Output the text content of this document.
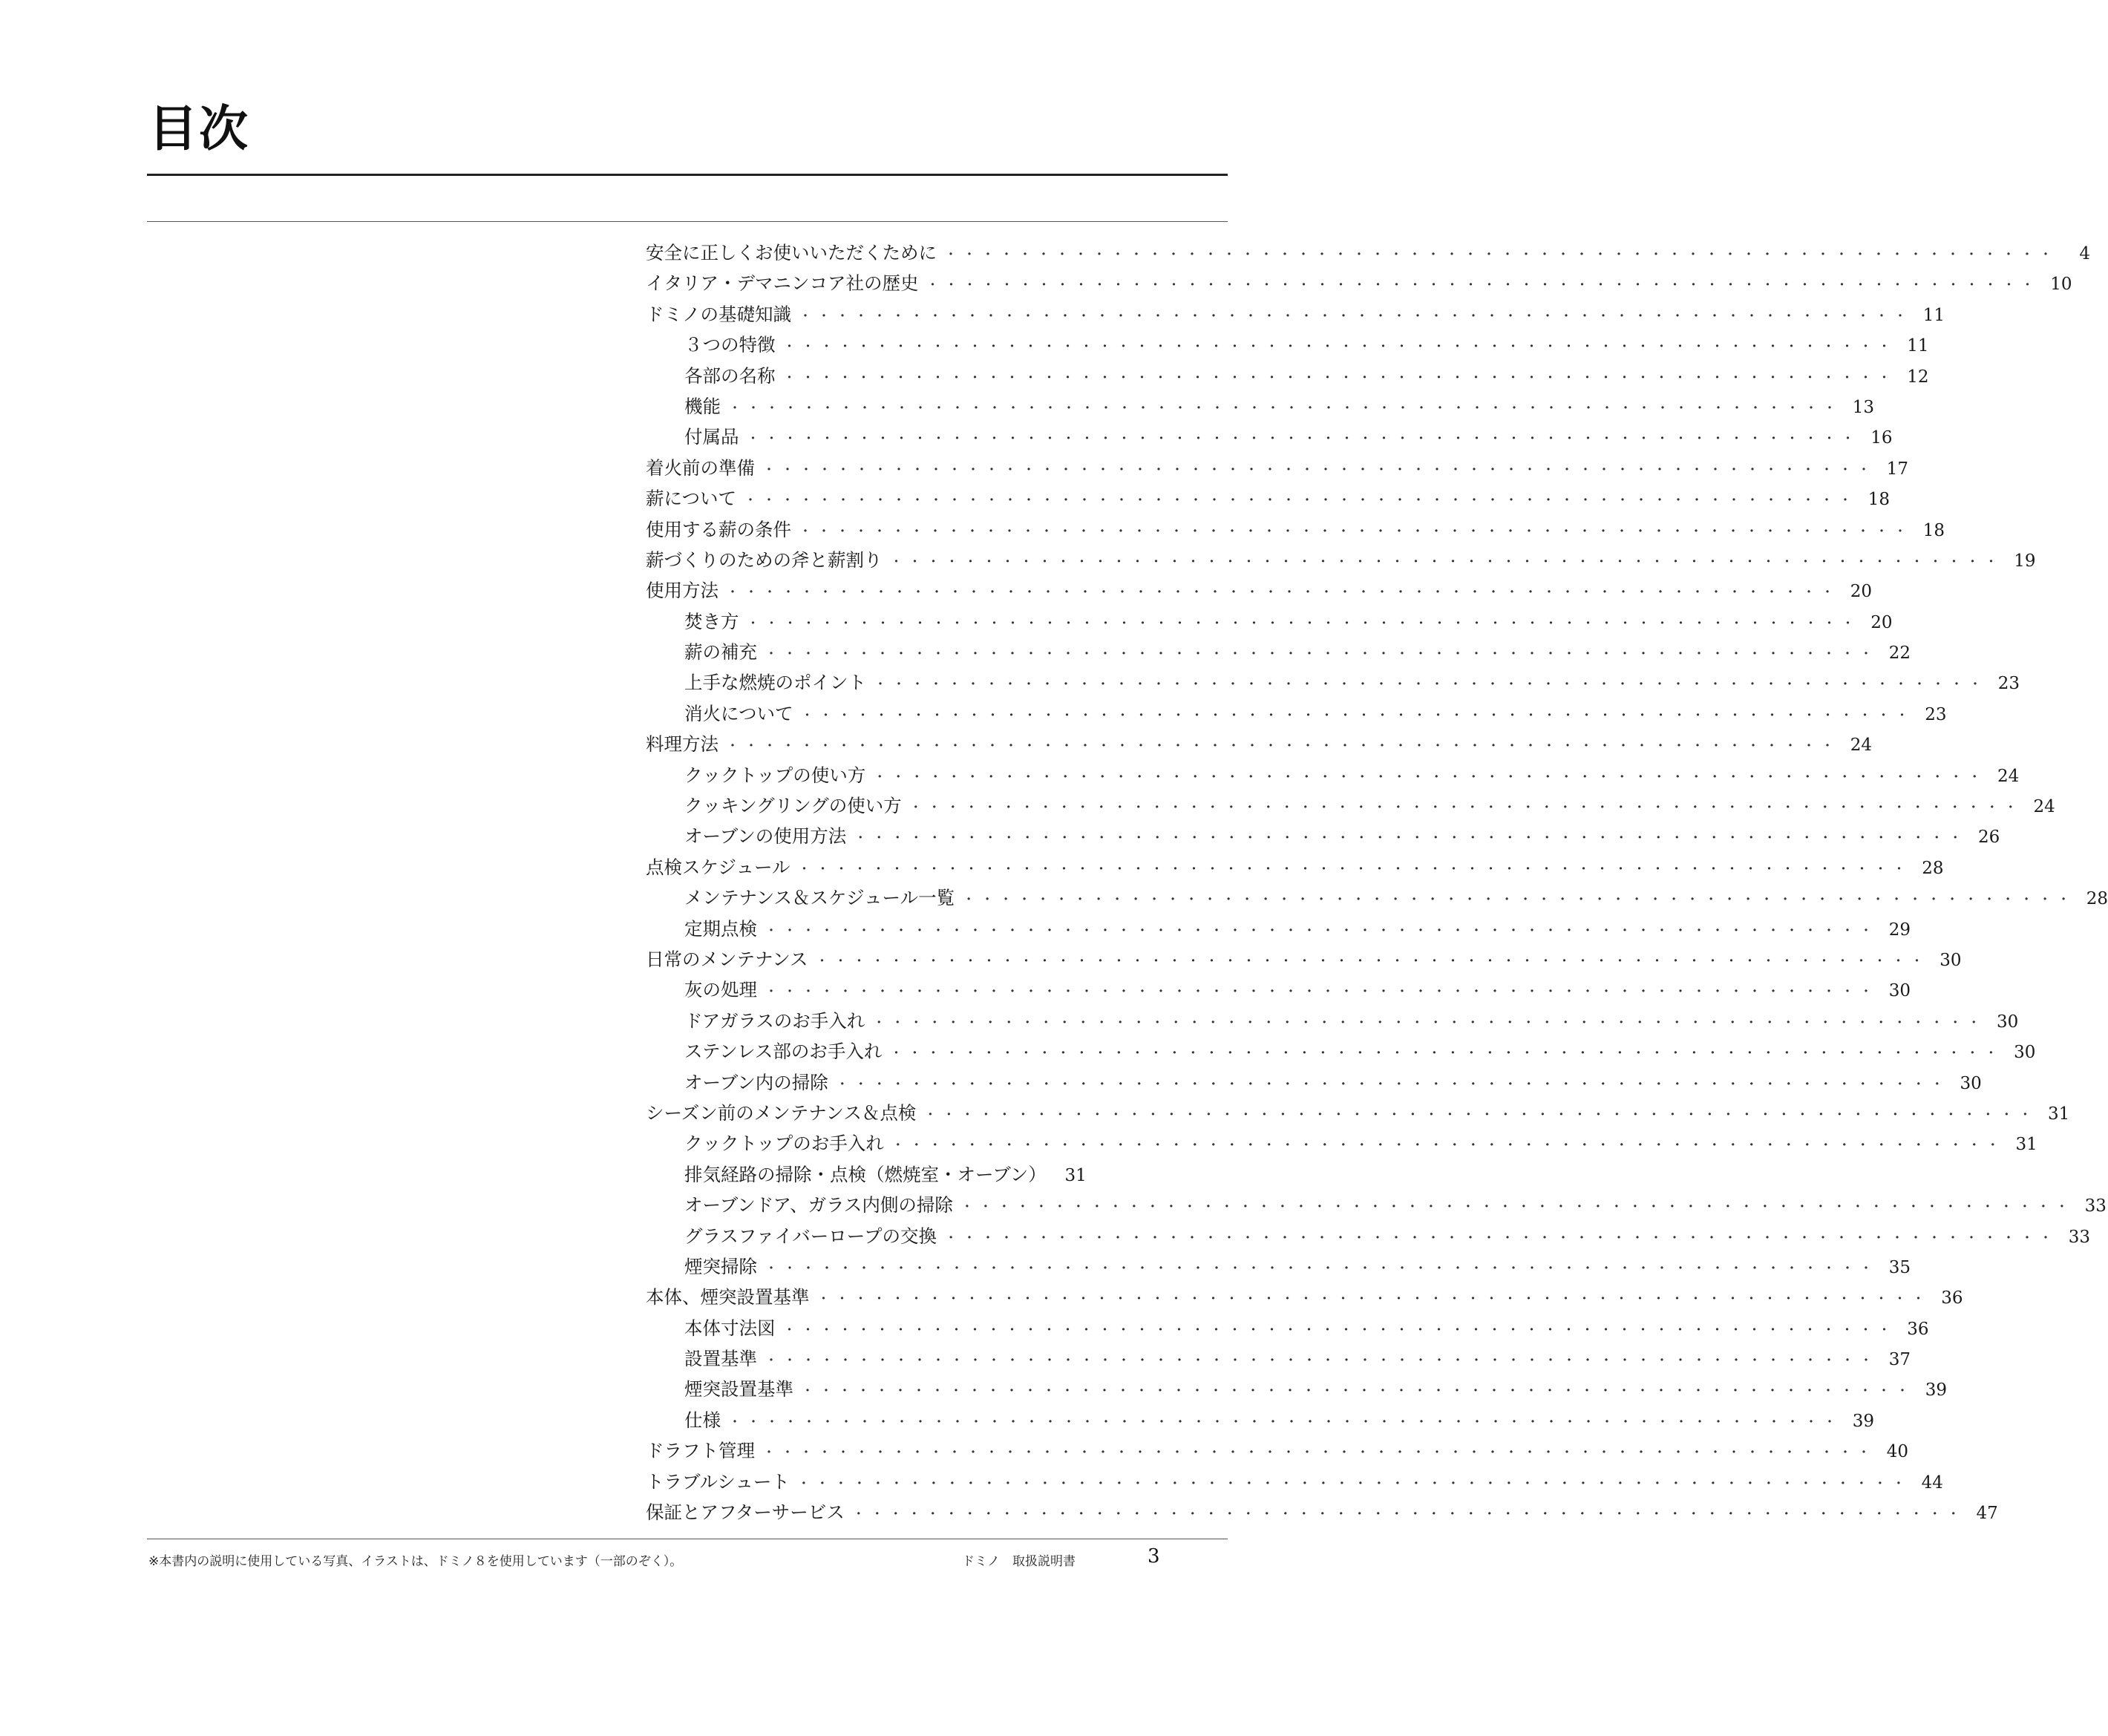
目次
安全に正しくお使いいただくために ・・・・・・・・・・・・・・・・・・・・・・・・・・・・・・・・・・・・・・・・・・・・・・・・・・・・・・・・・・・・	4
イタリア・デマニンコア社の歴史 ・・・・・・・・・・・・・・・・・・・・・・・・・・・・・・・・・・・・・・・・・・・・・・・・・・・・・・・・・・・・ 10
ドミノの基礎知識 ・・・・・・・・・・・・・・・・・・・・・・・・・・・・・・・・・・・・・・・・・・・・・・・・・・・・・・・・・・・・ 11
３つの特徴 ・・・・・・・・・・・・・・・・・・・・・・・・・・・・・・・・・・・・・・・・・・・・・・・・・・・・・・・・・・・・ 11
各部の名称 ・・・・・・・・・・・・・・・・・・・・・・・・・・・・・・・・・・・・・・・・・・・・・・・・・・・・・・・・・・・・ 12
機能 ・・・・・・・・・・・・・・・・・・・・・・・・・・・・・・・・・・・・・・・・・・・・・・・・・・・・・・・・・・・・ 13
付属品 ・・・・・・・・・・・・・・・・・・・・・・・・・・・・・・・・・・・・・・・・・・・・・・・・・・・・・・・・・・・・ 16
着火前の準備 ・・・・・・・・・・・・・・・・・・・・・・・・・・・・・・・・・・・・・・・・・・・・・・・・・・・・・・・・・・・・ 17
薪について ・・・・・・・・・・・・・・・・・・・・・・・・・・・・・・・・・・・・・・・・・・・・・・・・・・・・・・・・・・・・ 18
使用する薪の条件 ・・・・・・・・・・・・・・・・・・・・・・・・・・・・・・・・・・・・・・・・・・・・・・・・・・・・・・・・・・・・ 18
薪づくりのための斧と薪割り ・・・・・・・・・・・・・・・・・・・・・・・・・・・・・・・・・・・・・・・・・・・・・・・・・・・・・・・・・・・・ 19
使用方法 ・・・・・・・・・・・・・・・・・・・・・・・・・・・・・・・・・・・・・・・・・・・・・・・・・・・・・・・・・・・・ 20
焚き方 ・・・・・・・・・・・・・・・・・・・・・・・・・・・・・・・・・・・・・・・・・・・・・・・・・・・・・・・・・・・・ 20
薪の補充 ・・・・・・・・・・・・・・・・・・・・・・・・・・・・・・・・・・・・・・・・・・・・・・・・・・・・・・・・・・・・ 22
上手な燃焼のポイント ・・・・・・・・・・・・・・・・・・・・・・・・・・・・・・・・・・・・・・・・・・・・・・・・・・・・・・・・・・・・ 23
消火について ・・・・・・・・・・・・・・・・・・・・・・・・・・・・・・・・・・・・・・・・・・・・・・・・・・・・・・・・・・・・ 23
料理方法 ・・・・・・・・・・・・・・・・・・・・・・・・・・・・・・・・・・・・・・・・・・・・・・・・・・・・・・・・・・・・ 24
クックトップの使い方 ・・・・・・・・・・・・・・・・・・・・・・・・・・・・・・・・・・・・・・・・・・・・・・・・・・・・・・・・・・・・ 24
クッキングリングの使い方 ・・・・・・・・・・・・・・・・・・・・・・・・・・・・・・・・・・・・・・・・・・・・・・・・・・・・・・・・・・・・ 24
オーブンの使用方法 ・・・・・・・・・・・・・・・・・・・・・・・・・・・・・・・・・・・・・・・・・・・・・・・・・・・・・・・・・・・・ 26
点検スケジュール ・・・・・・・・・・・・・・・・・・・・・・・・・・・・・・・・・・・・・・・・・・・・・・・・・・・・・・・・・・・・ 28
メンテナンス＆スケジュール一覧 ・・・・・・・・・・・・・・・・・・・・・・・・・・・・・・・・・・・・・・・・・・・・・・・・・・・・・・・・・・・・ 28
定期点検 ・・・・・・・・・・・・・・・・・・・・・・・・・・・・・・・・・・・・・・・・・・・・・・・・・・・・・・・・・・・・ 29
日常のメンテナンス ・・・・・・・・・・・・・・・・・・・・・・・・・・・・・・・・・・・・・・・・・・・・・・・・・・・・・・・・・・・・ 30
灰の処理 ・・・・・・・・・・・・・・・・・・・・・・・・・・・・・・・・・・・・・・・・・・・・・・・・・・・・・・・・・・・・ 30
ドアガラスのお手入れ ・・・・・・・・・・・・・・・・・・・・・・・・・・・・・・・・・・・・・・・・・・・・・・・・・・・・・・・・・・・・ 30
ステンレス部のお手入れ ・・・・・・・・・・・・・・・・・・・・・・・・・・・・・・・・・・・・・・・・・・・・・・・・・・・・・・・・・・・・ 30
オーブン内の掃除 ・・・・・・・・・・・・・・・・・・・・・・・・・・・・・・・・・・・・・・・・・・・・・・・・・・・・・・・・・・・・ 30
シーズン前のメンテナンス＆点検 ・・・・・・・・・・・・・・・・・・・・・・・・・・・・・・・・・・・・・・・・・・・・・・・・・・・・・・・・・・・・ 31
クックトップのお手入れ ・・・・・・・・・・・・・・・・・・・・・・・・・・・・・・・・・・・・・・・・・・・・・・・・・・・・・・・・・・・・ 31
排気経路の掃除・点検（燃焼室・オーブン）	31
オーブンドア、ガラス内側の掃除 ・・・・・・・・・・・・・・・・・・・・・・・・・・・・・・・・・・・・・・・・・・・・・・・・・・・・・・・・・・・・ 33
グラスファイバーロープの交換 ・・・・・・・・・・・・・・・・・・・・・・・・・・・・・・・・・・・・・・・・・・・・・・・・・・・・・・・・・・・・ 33
煙突掃除 ・・・・・・・・・・・・・・・・・・・・・・・・・・・・・・・・・・・・・・・・・・・・・・・・・・・・・・・・・・・・ 35
本体、煙突設置基準 ・・・・・・・・・・・・・・・・・・・・・・・・・・・・・・・・・・・・・・・・・・・・・・・・・・・・・・・・・・・・ 36
本体寸法図 ・・・・・・・・・・・・・・・・・・・・・・・・・・・・・・・・・・・・・・・・・・・・・・・・・・・・・・・・・・・・ 36
設置基準 ・・・・・・・・・・・・・・・・・・・・・・・・・・・・・・・・・・・・・・・・・・・・・・・・・・・・・・・・・・・・ 37
煙突設置基準 ・・・・・・・・・・・・・・・・・・・・・・・・・・・・・・・・・・・・・・・・・・・・・・・・・・・・・・・・・・・・ 39
仕様 ・・・・・・・・・・・・・・・・・・・・・・・・・・・・・・・・・・・・・・・・・・・・・・・・・・・・・・・・・・・・ 39
ドラフト管理 ・・・・・・・・・・・・・・・・・・・・・・・・・・・・・・・・・・・・・・・・・・・・・・・・・・・・・・・・・・・・ 40
トラブルシュート ・・・・・・・・・・・・・・・・・・・・・・・・・・・・・・・・・・・・・・・・・・・・・・・・・・・・・・・・・・・・ 44
保証とアフターサービス ・・・・・・・・・・・・・・・・・・・・・・・・・・・・・・・・・・・・・・・・・・・・・・・・・・・・・・・・・・・・ 47
※本書内の説明に使用している写真、イラストは、ドミノ８を使用しています（一部のぞく）。	ドミノ　取扱説明書	3
